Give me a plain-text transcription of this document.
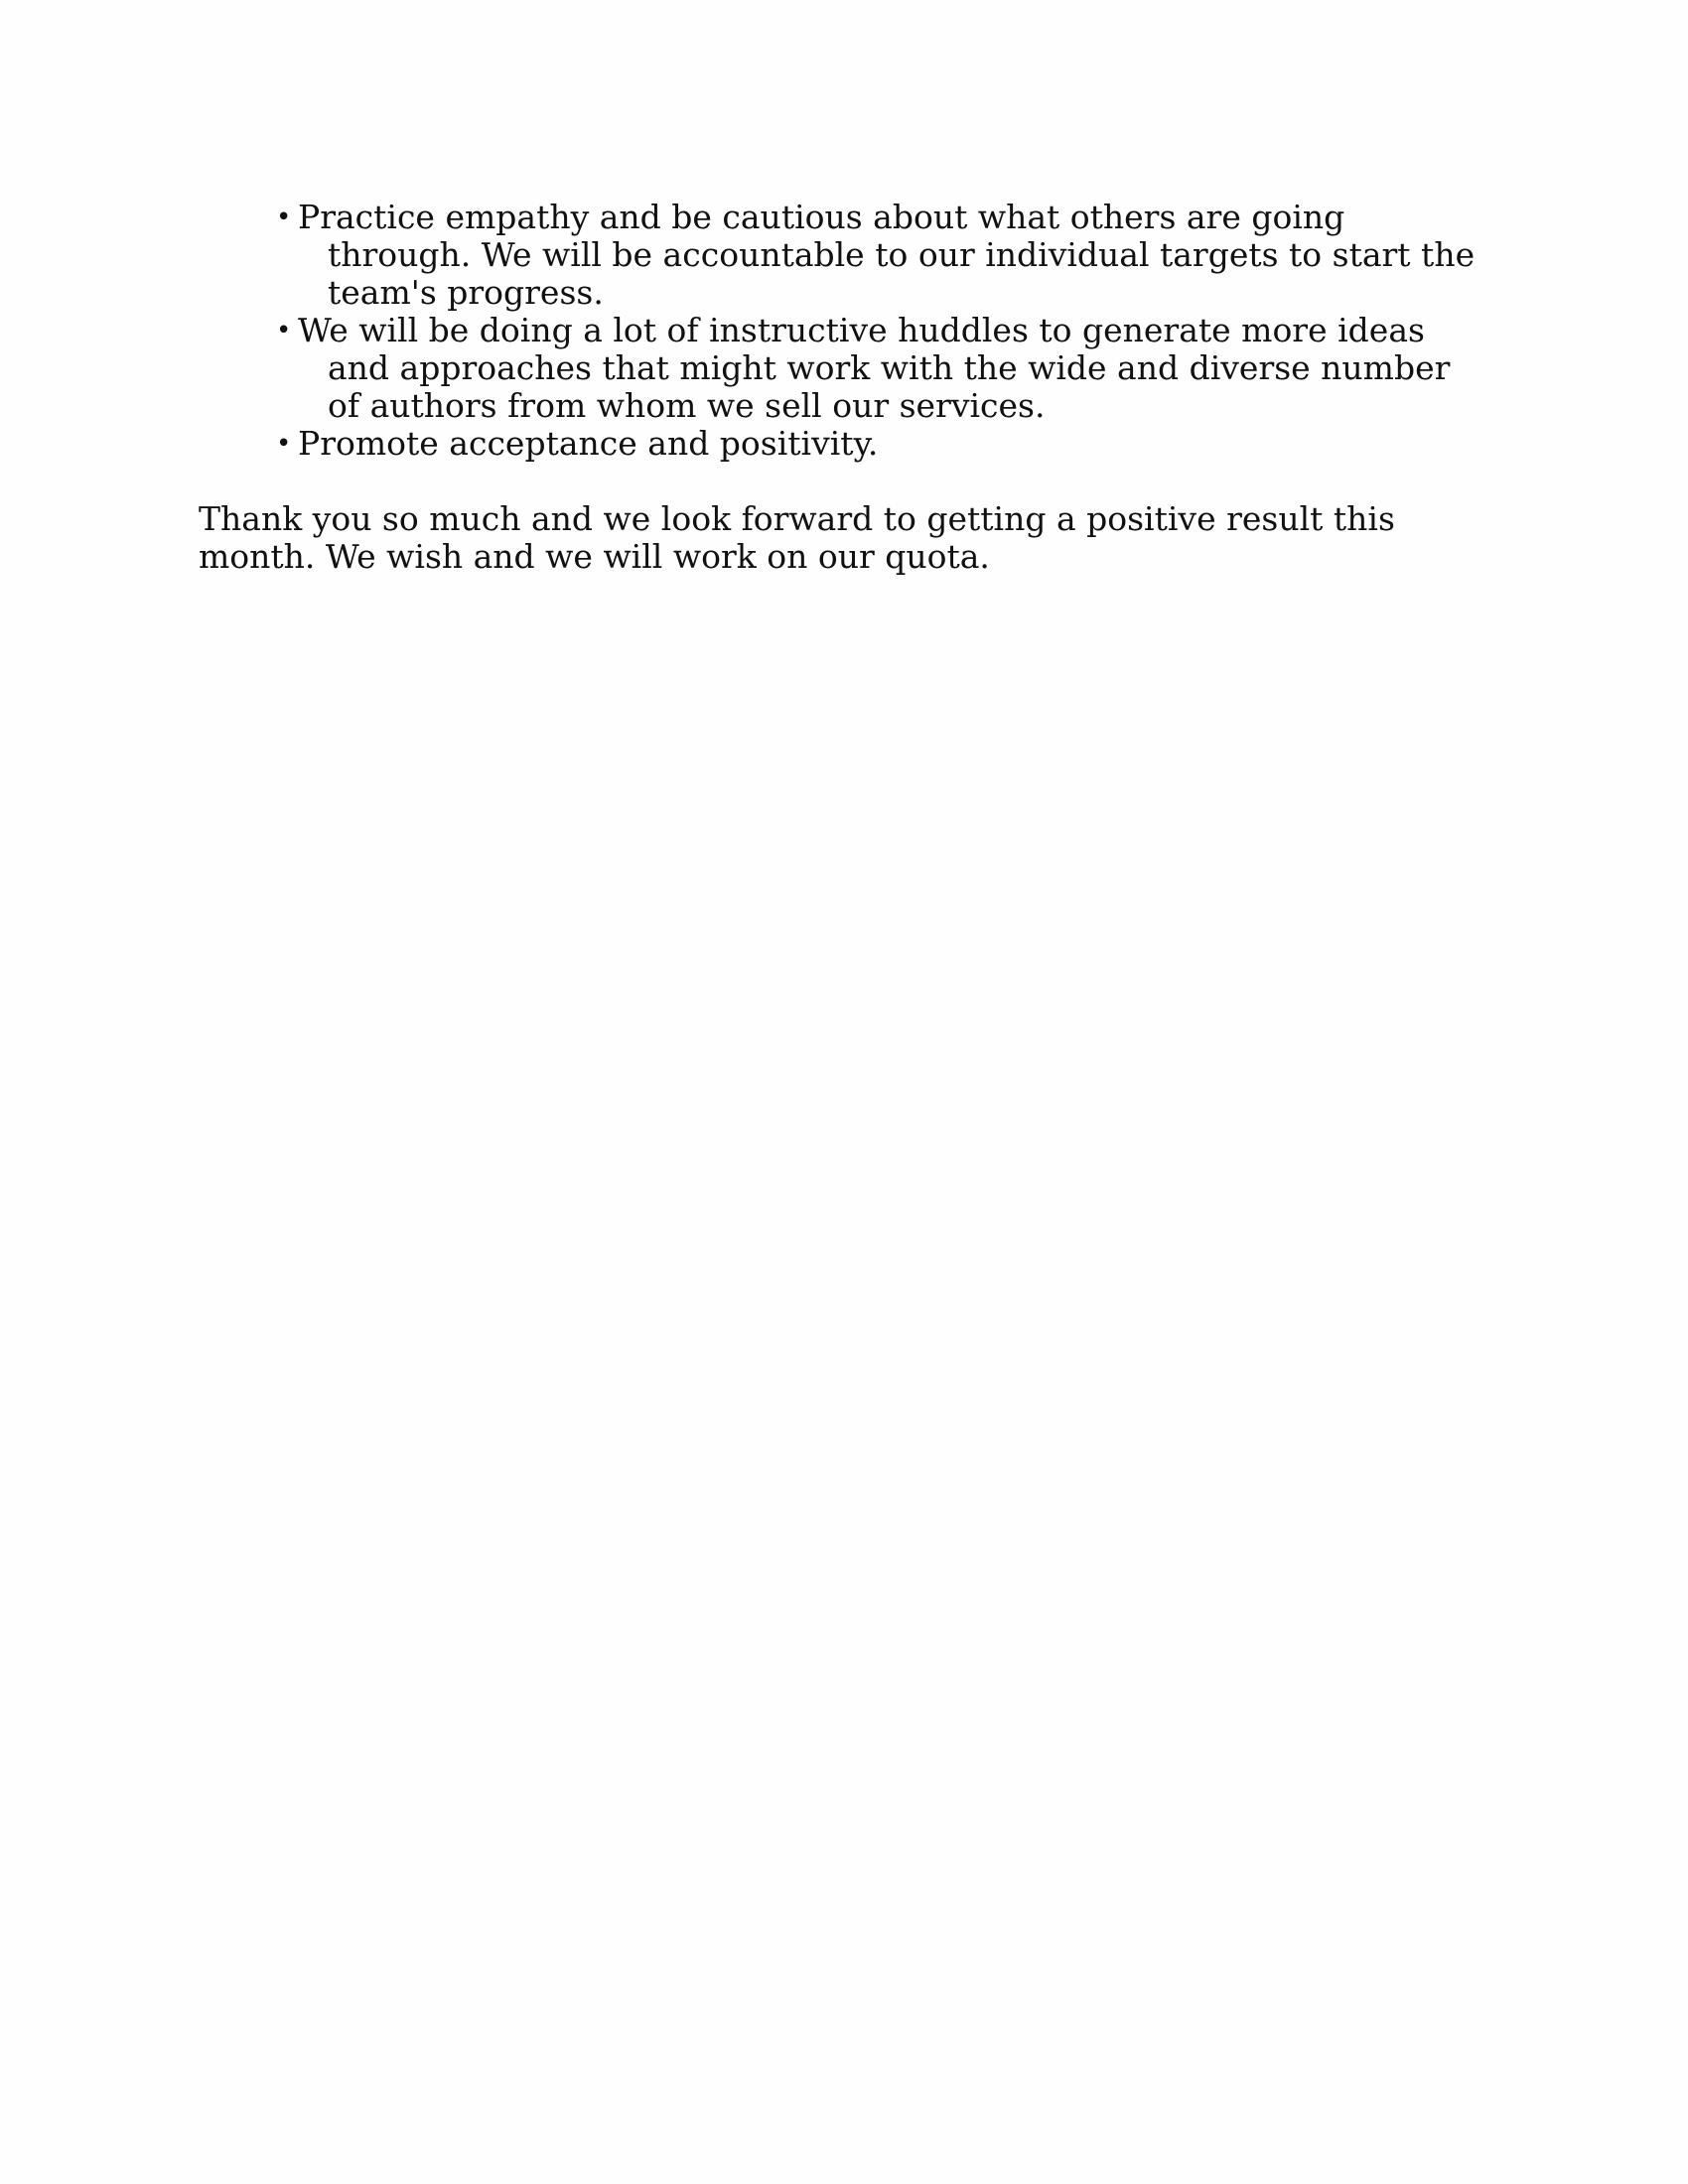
• Practice empathy and be cautious about what others are going through. We will be accountable to our individual targets to start the team's progress.
• We will be doing a lot of instructive huddles to generate more ideas and approaches that might work with the wide and diverse number of authors from whom we sell our services.
• Promote acceptance and positivity.

Thank you so much and we look forward to getting a positive result this month. We wish and we will work on our quota.
